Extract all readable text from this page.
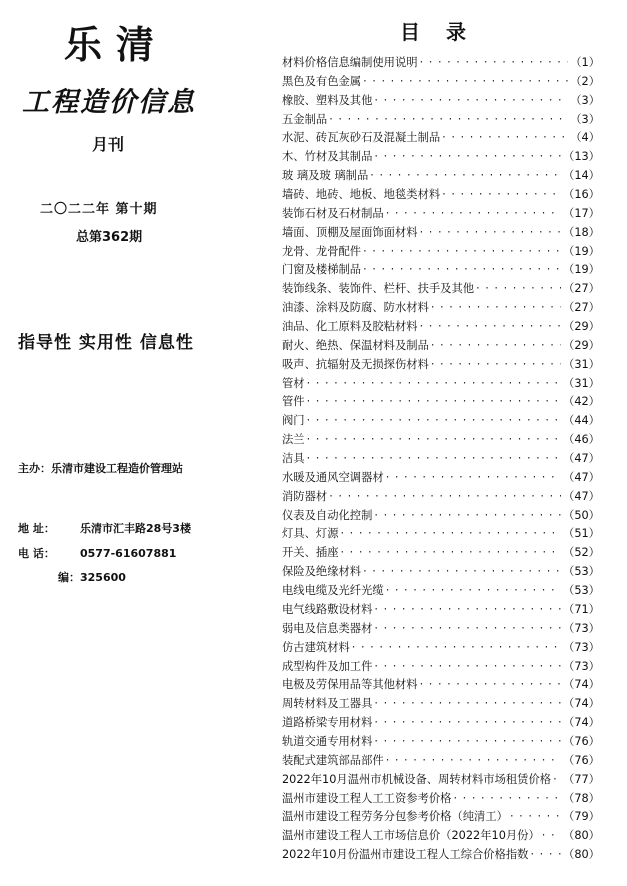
乐清
工程造价信息
月刊
二〇二二年 第十期
总第362期
指导性 实用性 信息性
主办：乐清市建设工程造价管理站
地 址： 乐清市汇丰路28号3楼
电 话： 0577-61607881
编：325600
目录
材料价格信息编制使用说明 · · ·	（1）
黑色及有色金属 · · ·	（2）
橡胶、塑料及其他 · · ·	（3）
五金制品 · · ·	（3）
水泥、砖瓦灰砂石及混凝土制品 · · ·	（4）
木、竹材及其制品 · · ·	（13）
玻 璃及玻 璃制品 · · ·	（14）
墙砖、地砖、地板、地毯类材料 · · ·	（16）
装饰石材及石材制品 · · ·	（17）
墙面、顶棚及屋面饰面材料 · · ·	（18）
龙骨、龙骨配件 · · ·	（19）
门窗及楼梯制品 · · ·	（19）
装饰线条、装饰件、栏杆、扶手及其他 · · ·	（27）
油漆、涂料及防腐、防水材料 · · ·	（27）
油品、化工原料及胶粘材料 · · ·	（29）
耐火、绝热、保温材料及制品 · · ·	（29）
吸声、抗辐射及无损探伤材料 · · ·	（31）
管材 · · ·	（31）
管件 · · ·	（42）
阀门 · · ·	（44）
法兰 · · ·	（46）
洁具 · · ·	（47）
水暖及通风空调器材 · · ·	（47）
消防器材 · · ·	（47）
仪表及自动化控制 · · ·	（50）
灯具、灯源 · · ·	（51）
开关、插座 · · ·	（52）
保险及绝缘材料 · · ·	（53）
电线电缆及光纤光缆 · · ·	（53）
电气线路敷设材料 · · ·	（71）
弱电及信息类器材 · · ·	（73）
仿古建筑材料 · · ·	（73）
成型构件及加工件 · · ·	（73）
电极及劳保用品等其他材料 · · ·	（74）
周转材料及工器具 · · ·	（74）
道路桥梁专用材料 · · ·	（74）
轨道交通专用材料 · · ·	（76）
装配式建筑部品部件 · · ·	（76）
2022年10月温州市机械设备、周转材料市场租赁价格 · · · （77）
温州市建设工程人工工资参考价格 · · ·	（78）
温州市建设工程劳务分包参考价格（纯清工） · · ·	（79）
温州市建设工程人工市场信息价（2022年10月份） · · · （80）
2022年10月份温州市建设工程人工综合价格指数 · · ·	（80）
